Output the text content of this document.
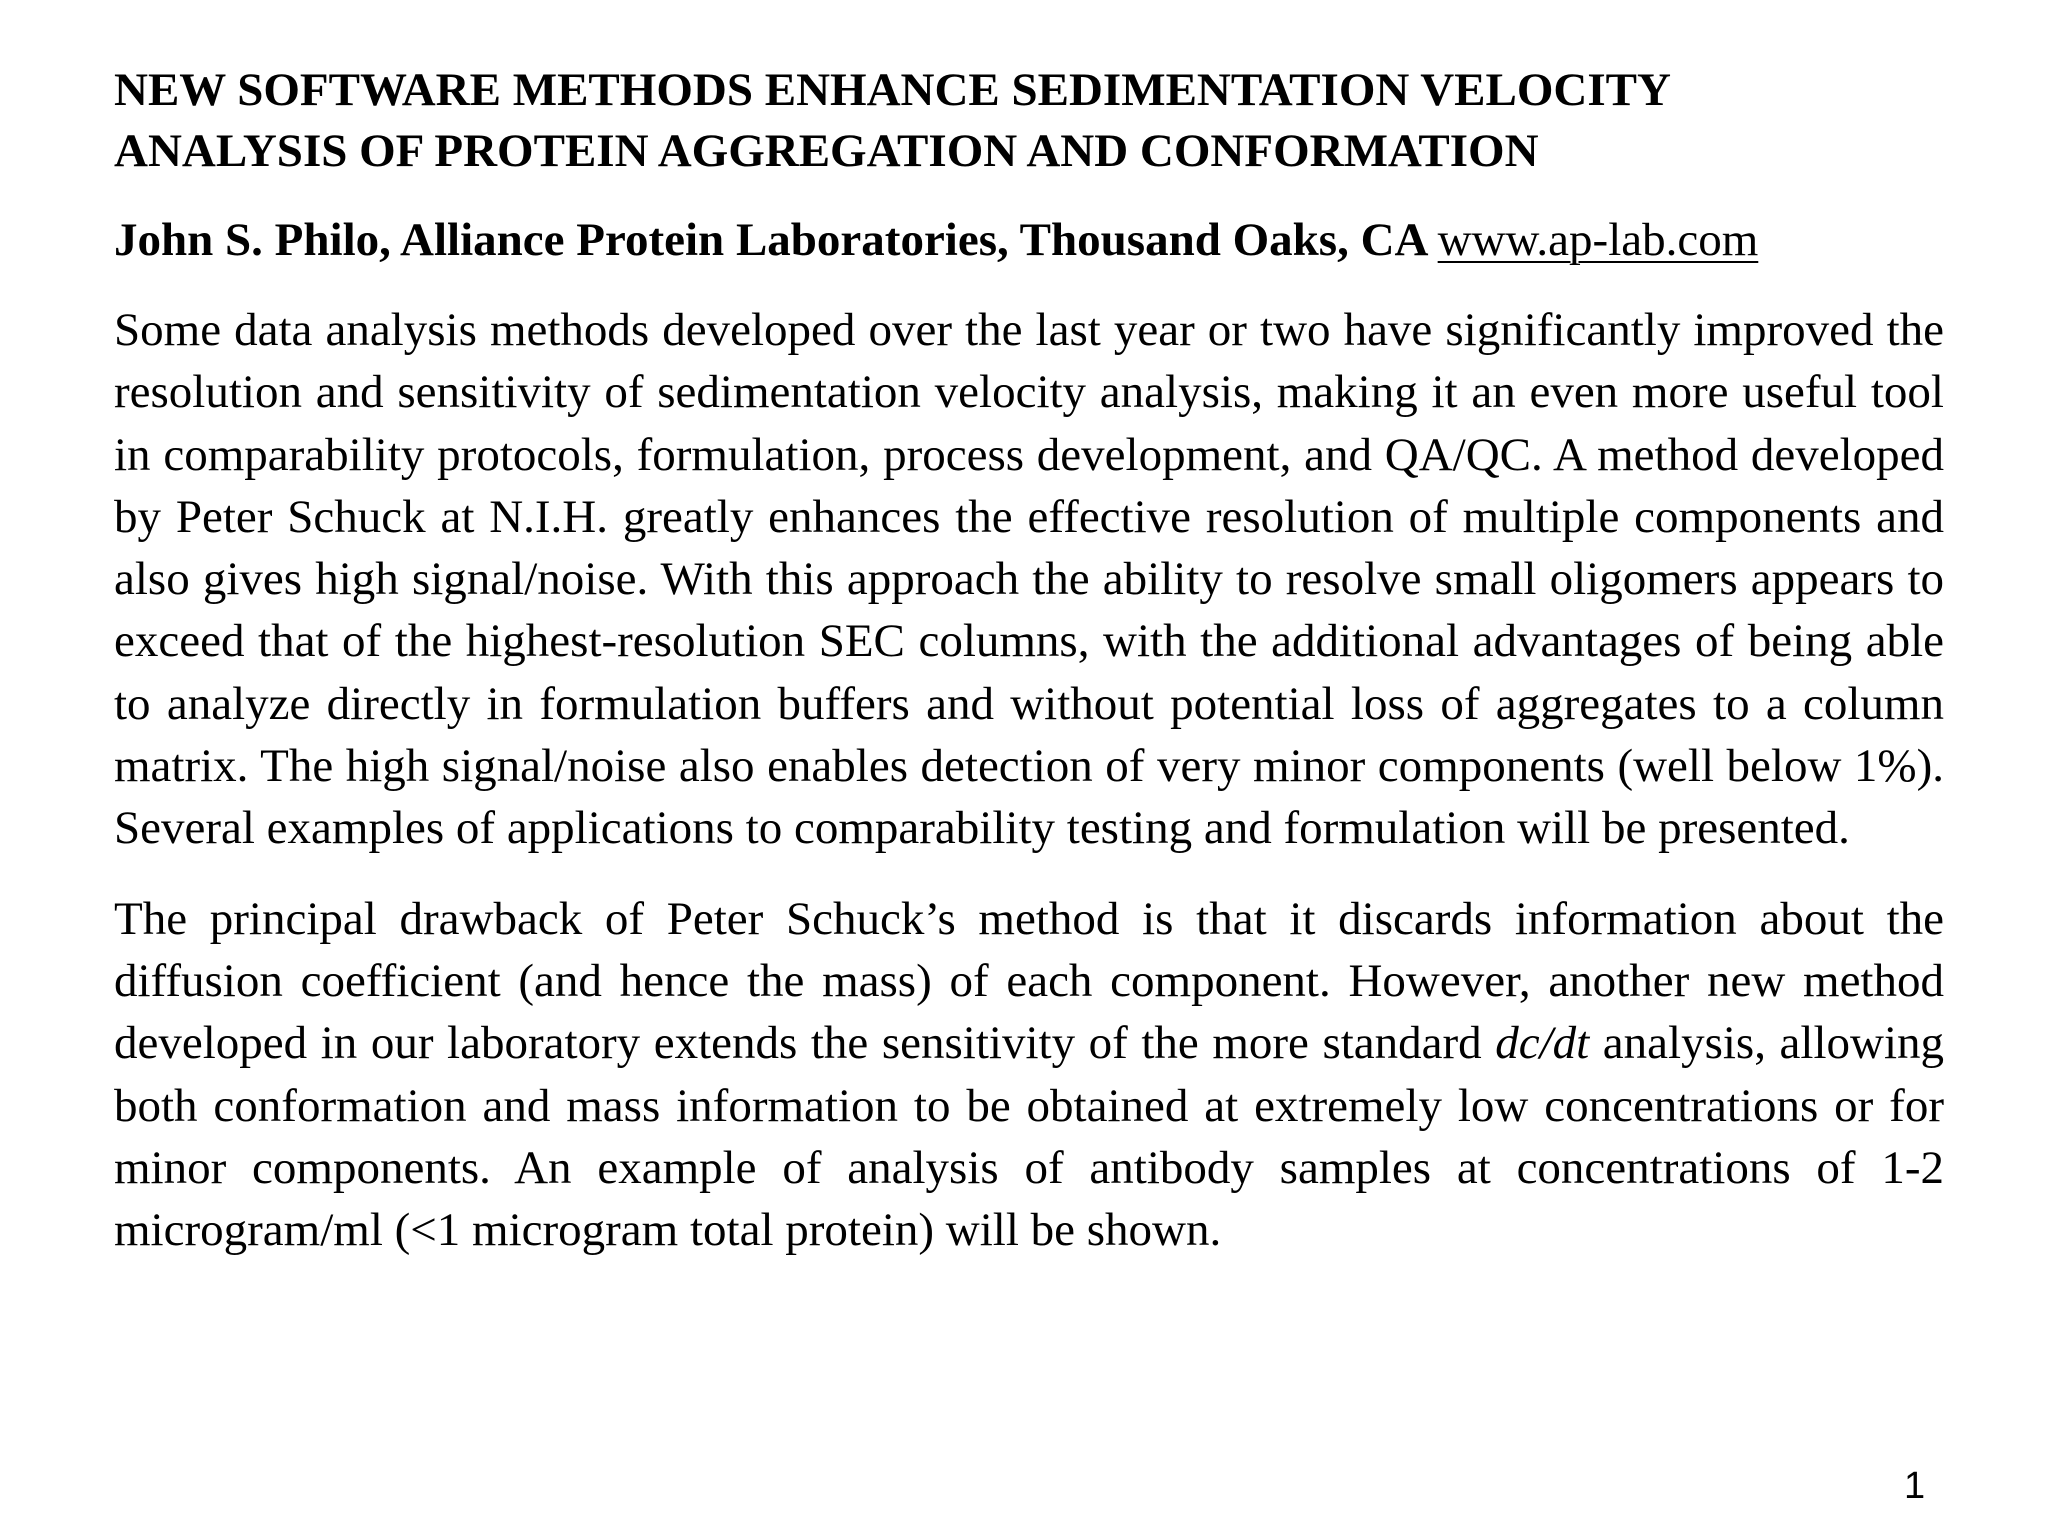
NEW SOFTWARE METHODS ENHANCE SEDIMENTATION VELOCITY
ANALYSIS OF PROTEIN AGGREGATION AND CONFORMATION

John S. Philo, Alliance Protein Laboratories, Thousand Oaks, CA www.ap-lab.com

Some data analysis methods developed over the last year or two have significantly improved the resolution and sensitivity of sedimentation velocity analysis, making it an even more useful tool in comparability protocols, formulation, process development, and QA/QC. A method developed by Peter Schuck at N.I.H. greatly enhances the effective resolution of multiple components and also gives high signal/noise. With this approach the ability to resolve small oligomers appears to exceed that of the highest-resolution SEC columns, with the additional advantages of being able to analyze directly in formulation buffers and without potential loss of aggregates to a column matrix. The high signal/noise also enables detection of very minor components (well below 1%). Several examples of applications to comparability testing and formulation will be presented.

The principal drawback of Peter Schuck’s method is that it discards information about the diffusion coefficient (and hence the mass) of each component. However, another new method developed in our laboratory extends the sensitivity of the more standard dc/dt analysis, allowing both conformation and mass information to be obtained at extremely low concentrations or for minor components. An example of analysis of antibody samples at concentrations of 1-2 microgram/ml (<1 microgram total protein) will be shown.

1
